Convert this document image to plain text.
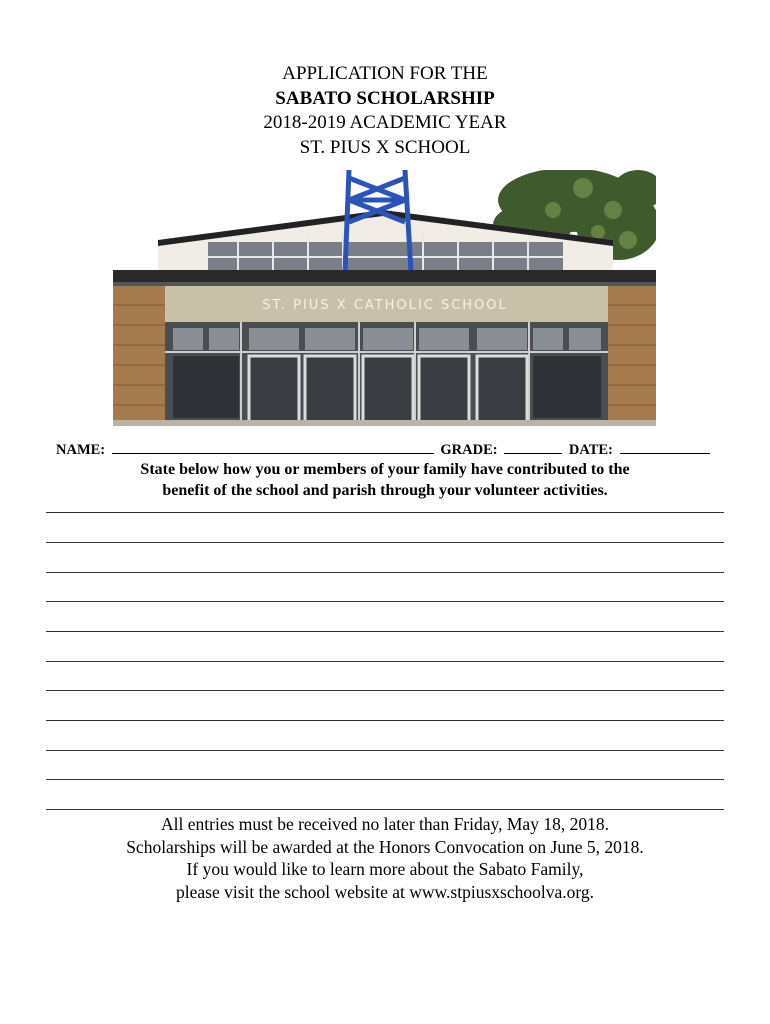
APPLICATION FOR THE
SABATO SCHOLARSHIP
2018-2019 ACADEMIC YEAR
ST. PIUS X SCHOOL
ST. PIUS X CATHOLIC SCHOOL
NAME:	GRADE:	DATE:
State below how you or members of your family have contributed to the
benefit of the school and parish through your volunteer activities.
All entries must be received no later than Friday, May 18, 2018.
Scholarships will be awarded at the Honors Convocation on June 5, 2018.
If you would like to learn more about the Sabato Family,
please visit the school website at www.stpiusxschoolva.org.
